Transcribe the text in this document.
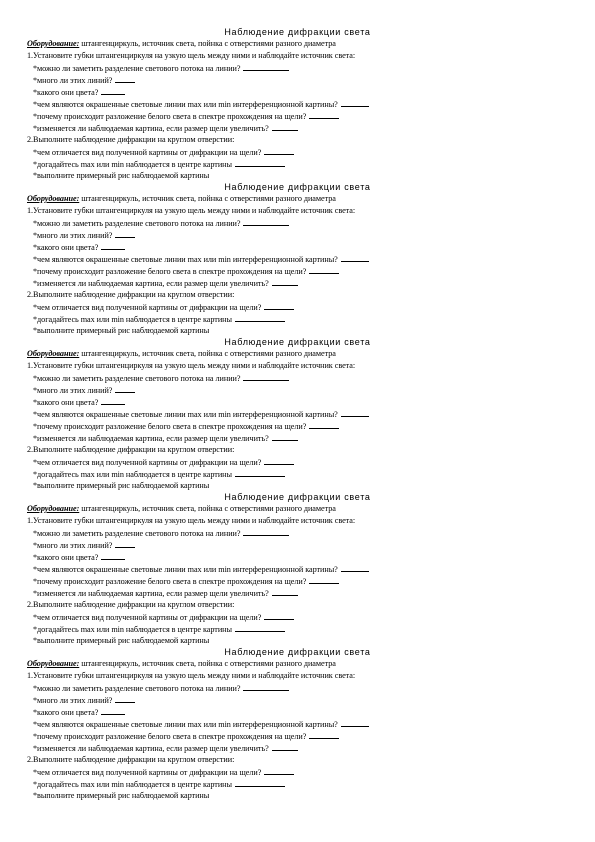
Наблюдение дифракции света
Оборудование: штангенциркуль, источник света, пойнка с отверстиями разного диаметра
1.Установите губки штангенциркуля на узкую щель между ними и наблюдайте источник света:
*можно ли заметить разделение светового потока на линии?
*много ли этих линий?
*какого они цвета?
*чем являются окрашенные световые линии max или min интерференционной картины?
*почему происходит разложение белого света в спектре прохождения на щели?
*изменяется ли наблюдаемая картина, если размер щели увеличить?
2.Выполните наблюдение дифракции на круглом отверстии:
*чем отличается вид полученной картины от дифракции на щели?
*догадайтесь max или min наблюдается в центре картины
*выполните примерный рис наблюдаемой картины
Наблюдение дифракции света
Оборудование: штангенциркуль, источник света, пойнка с отверстиями разного диаметра
1.Установите губки штангенциркуля на узкую щель между ними и наблюдайте источник света:
*можно ли заметить разделение светового потока на линии?
*много ли этих линий?
*какого они цвета?
*чем являются окрашенные световые линии max или min интерференционной картины?
*почему происходит разложение белого света в спектре прохождения на щели?
*изменяется ли наблюдаемая картина, если размер щели увеличить?
2.Выполните наблюдение дифракции на круглом отверстии:
*чем отличается вид полученной картины от дифракции на щели?
*догадайтесь max или min наблюдается в центре картины
*выполните примерный рис наблюдаемой картины
Наблюдение дифракции света
Оборудование: штангенциркуль, источник света, пойнка с отверстиями разного диаметра
1.Установите губки штангенциркуля на узкую щель между ними и наблюдайте источник света:
*можно ли заметить разделение светового потока на линии?
*много ли этих линий?
*какого они цвета?
*чем являются окрашенные световые линии max или min интерференционной картины?
*почему происходит разложение белого света в спектре прохождения на щели?
*изменяется ли наблюдаемая картина, если размер щели увеличить?
2.Выполните наблюдение дифракции на круглом отверстии:
*чем отличается вид полученной картины от дифракции на щели?
*догадайтесь max или min наблюдается в центре картины
*выполните примерный рис наблюдаемой картины
Наблюдение дифракции света
Оборудование: штангенциркуль, источник света, пойнка с отверстиями разного диаметра
1.Установите губки штангенциркуля на узкую щель между ними и наблюдайте источник света:
*можно ли заметить разделение светового потока на линии?
*много ли этих линий?
*какого они цвета?
*чем являются окрашенные световые линии max или min интерференционной картины?
*почему происходит разложение белого света в спектре прохождения на щели?
*изменяется ли наблюдаемая картина, если размер щели увеличить?
2.Выполните наблюдение дифракции на круглом отверстии:
*чем отличается вид полученной картины от дифракции на щели?
*догадайтесь max или min наблюдается в центре картины
*выполните примерный рис наблюдаемой картины
Наблюдение дифракции света
Оборудование: штангенциркуль, источник света, пойнка с отверстиями разного диаметра
1.Установите губки штангенциркуля на узкую щель между ними и наблюдайте источник света:
*можно ли заметить разделение светового потока на линии?
*много ли этих линий?
*какого они цвета?
*чем являются окрашенные световые линии max или min интерференционной картины?
*почему происходит разложение белого света в спектре прохождения на щели?
*изменяется ли наблюдаемая картина, если размер щели увеличить?
2.Выполните наблюдение дифракции на круглом отверстии:
*чем отличается вид полученной картины от дифракции на щели?
*догадайтесь max или min наблюдается в центре картины
*выполните примерный рис наблюдаемой картины
